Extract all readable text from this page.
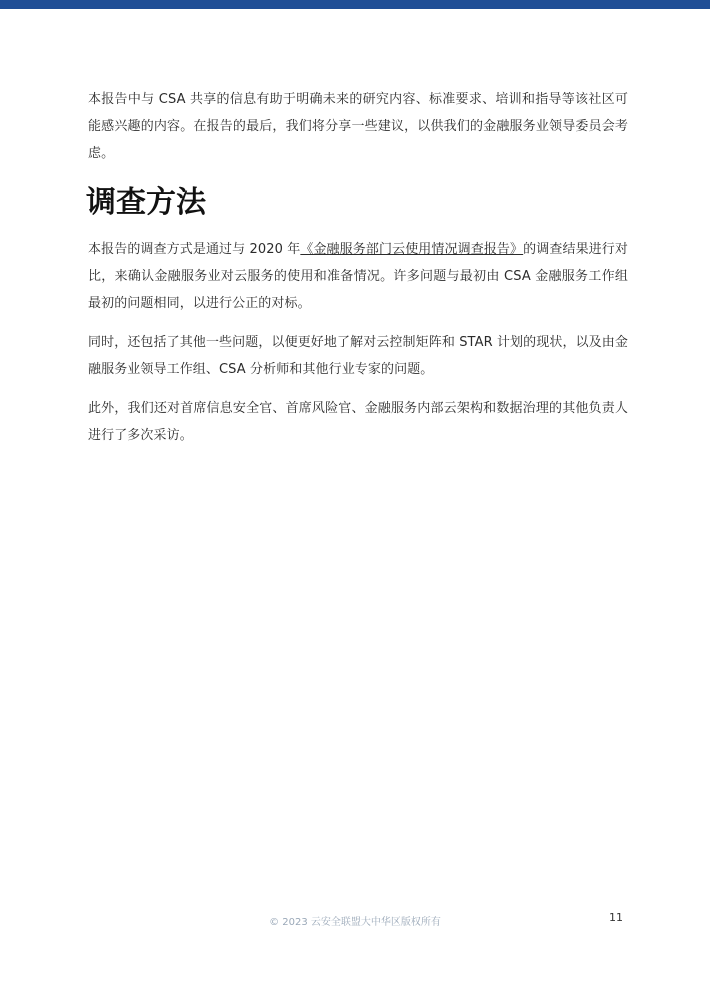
本报告中与 CSA 共享的信息有助于明确未来的研究内容、标准要求、培训和指导等该社区可能感兴趣的内容。在报告的最后，我们将分享一些建议，以供我们的金融服务业领导委员会考虑。

调查方法

本报告的调查方式是通过与 2020 年《金融服务部门云使用情况调查报告》的调查结果进行对比，来确认金融服务业对云服务的使用和准备情况。许多问题与最初由 CSA 金融服务工作组最初的问题相同，以进行公正的对标。

同时，还包括了其他一些问题，以便更好地了解对云控制矩阵和 STAR 计划的现状，以及由金融服务业领导工作组、CSA 分析师和其他行业专家的问题。

此外，我们还对首席信息安全官、首席风险官、金融服务内部云架构和数据治理的其他负责人进行了多次采访。

© 2023 云安全联盟大中华区版权所有	11
